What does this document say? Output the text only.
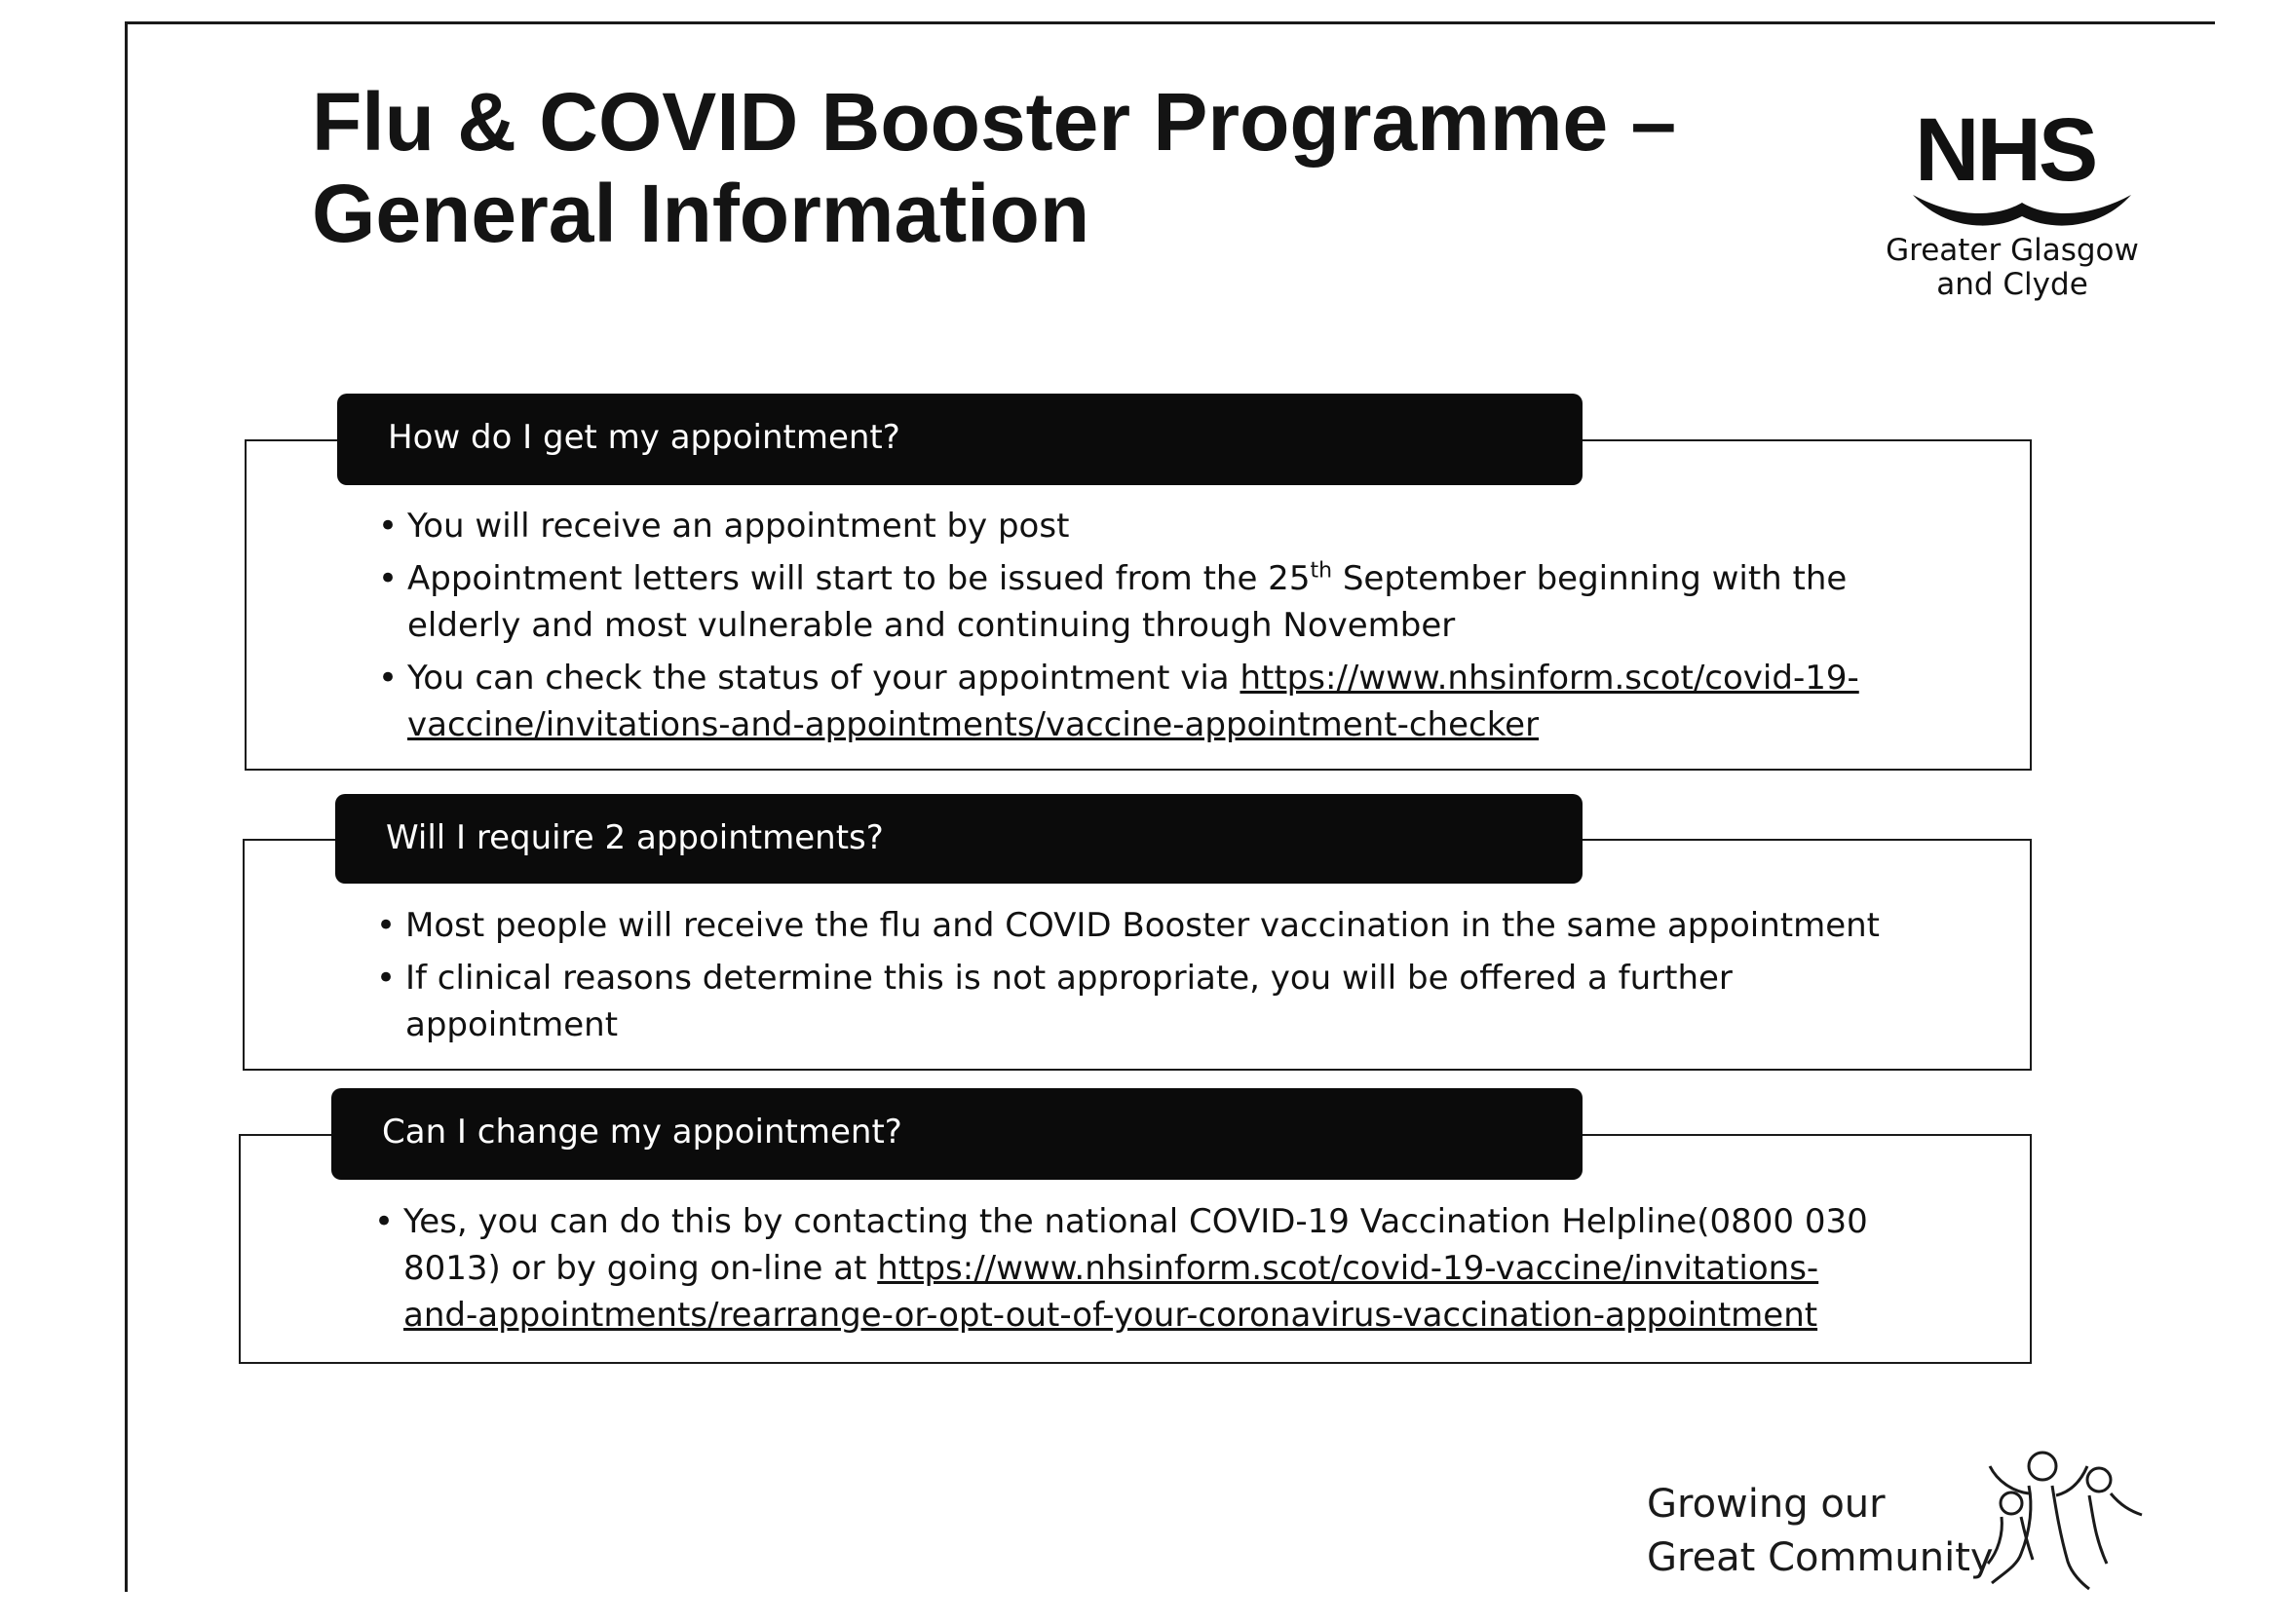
Flu & COVID Booster Programme –
General Information
NHS
Greater Glasgow
and Clyde
How do I get my appointment?
• You will receive an appointment by post
• Appointment letters will start to be issued from the 25th September beginning with the elderly and most vulnerable and continuing through November
• You can check the status of your appointment via https://www.nhsinform.scot/covid-19-vaccine/invitations-and-appointments/vaccine-appointment-checker
Will I require 2 appointments?
• Most people will receive the flu and COVID Booster vaccination in the same appointment
• If clinical reasons determine this is not appropriate, you will be offered a further appointment
Can I change my appointment?
• Yes, you can do this by contacting the national COVID-19 Vaccination Helpline(0800 030 8013) or by going on-line at https://www.nhsinform.scot/covid-19-vaccine/invitations-and-appointments/rearrange-or-opt-out-of-your-coronavirus-vaccination-appointment
Growing our
Great Community
